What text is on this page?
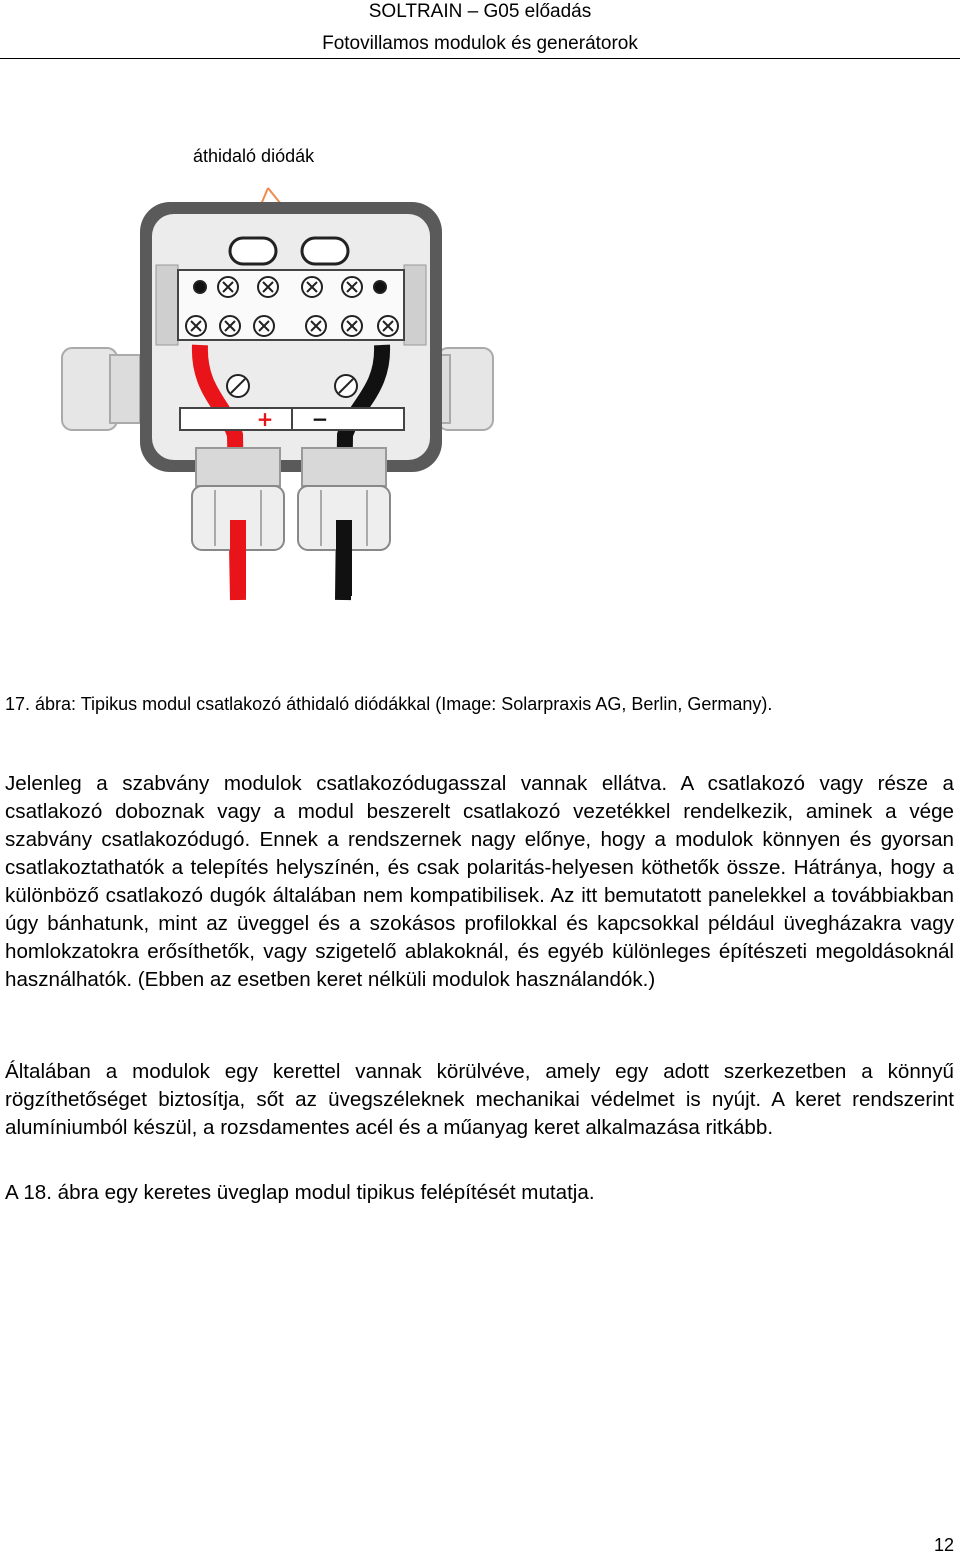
SOLTRAIN – G05 előadás
Fotovillamos modulok és generátorok
áthidaló diódák
+ −
17. ábra: Tipikus modul csatlakozó áthidaló diódákkal (Image: Solarpraxis AG, Berlin, Germany).
Jelenleg a szabvány modulok csatlakozódugasszal vannak ellátva. A csatlakozó vagy része a csatlakozó doboznak vagy a modul beszerelt csatlakozó vezetékkel rendelkezik, aminek a vége szabvány csatlakozódugó. Ennek a rendszernek nagy előnye, hogy a modulok könnyen és gyorsan csatlakoztathatók a telepítés helyszínén, és csak polaritás-helyesen köthetők össze. Hátránya, hogy a különböző csatlakozó dugók általában nem kompatibilisek. Az itt bemutatott panelekkel a továbbiakban úgy bánhatunk, mint az üveggel és a szokásos profilokkal és kapcsokkal például üvegházakra vagy homlokzatokra erősíthetők, vagy szigetelő ablakoknál, és egyéb különleges építészeti megoldásoknál használhatók. (Ebben az esetben keret nélküli modulok használandók.)
Általában a modulok egy kerettel vannak körülvéve, amely egy adott szerkezetben a könnyű rögzíthetőséget biztosítja, sőt az üvegszéleknek mechanikai védelmet is nyújt. A keret rendszerint alumíniumból készül, a rozsdamentes acél és a műanyag keret alkalmazása ritkább.
A 18. ábra egy keretes üveglap modul tipikus felépítését mutatja.
12
